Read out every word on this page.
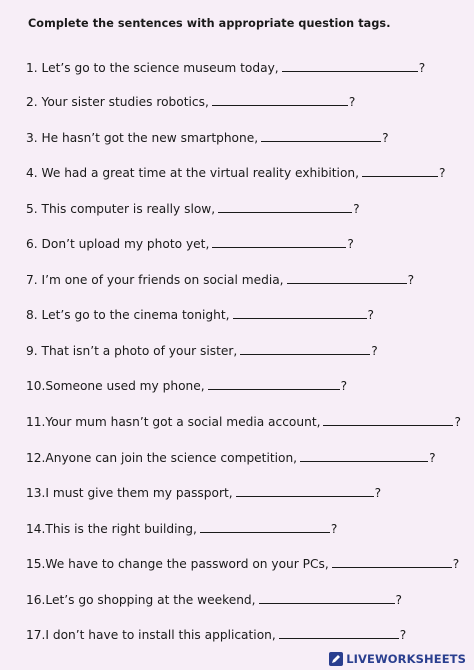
Complete the sentences with appropriate question tags.
1. Let’s go to the science museum today,	?
2. Your sister studies robotics,	?
3. He hasn’t got the new smartphone,	?
4. We had a great time at the virtual reality exhibition,	?
5. This computer is really slow,	?
6. Don’t upload my photo yet,	?
7. I’m one of your friends on social media,	?
8. Let’s go to the cinema tonight,	?
9. That isn’t a photo of your sister,	?
10.Someone used my phone,	?
11.Your mum hasn’t got a social media account,	?
12.Anyone can join the science competition,	?
13.I must give them my passport,	?
14.This is the right building,	?
15.We have to change the password on your PCs,	?
16.Let’s go shopping at the weekend,	?
17.I don’t have to install this application,	?
LIVEWORKSHEETS
